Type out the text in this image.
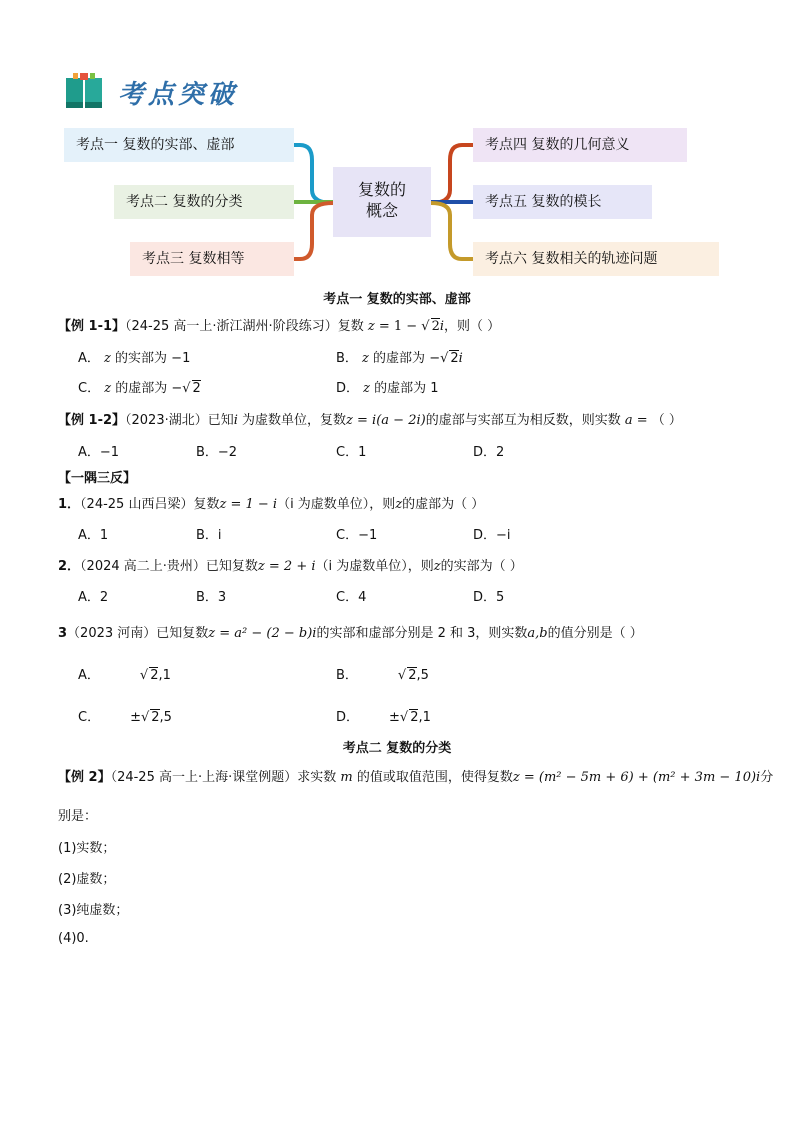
考点突破
考点一 复数的实部、虚部
考点二 复数的分类
考点三 复数相等
复数的
概念
考点四 复数的几何意义
考点五 复数的模长
考点六 复数相关的轨迹问题
考点一 复数的实部、虚部
【例 1-1】（24-25 高一上·浙江湖州·阶段练习）复数 z = 1 − √ 2i，则（ ）
A． z 的实部为 −1	B． z 的虚部为 −√ 2i
C． z 的虚部为 −√ 2	D． z 的虚部为 1
【例 1-2】（2023·湖北）已知i 为虚数单位，复数z = i(a − 2i)的虚部与实部互为相反数，则实数 a = （ ）
A．−1	B．−2	C．1	D．2
【一隅三反】
1．（24-25 山西吕梁）复数z = 1 − i（i 为虚数单位），则z的虚部为（ ）
A．1	B．i	C．−1	D．−i
2．（2024 高二上·贵州）已知复数z = 2 + i（i 为虚数单位），则z的实部为（ ）
A．2	B．3	C．4	D．5
3（2023 河南）已知复数z = a² − (2 − b)i的实部和虚部分别是 2 和 3，则实数a,b的值分别是（ ）
A．	√ 2,1	B．	√ 2,5
C． ±√ 2,5	D． ±√ 2,1
考点二 复数的分类
【例 2】（24-25 高一上·上海·课堂例题）求实数 m 的值或取值范围，使得复数z = (m² − 5m + 6) + (m² + 3m − 10)i分
别是：
(1)实数；
(2)虚数；
(3)纯虚数；
(4)0.
